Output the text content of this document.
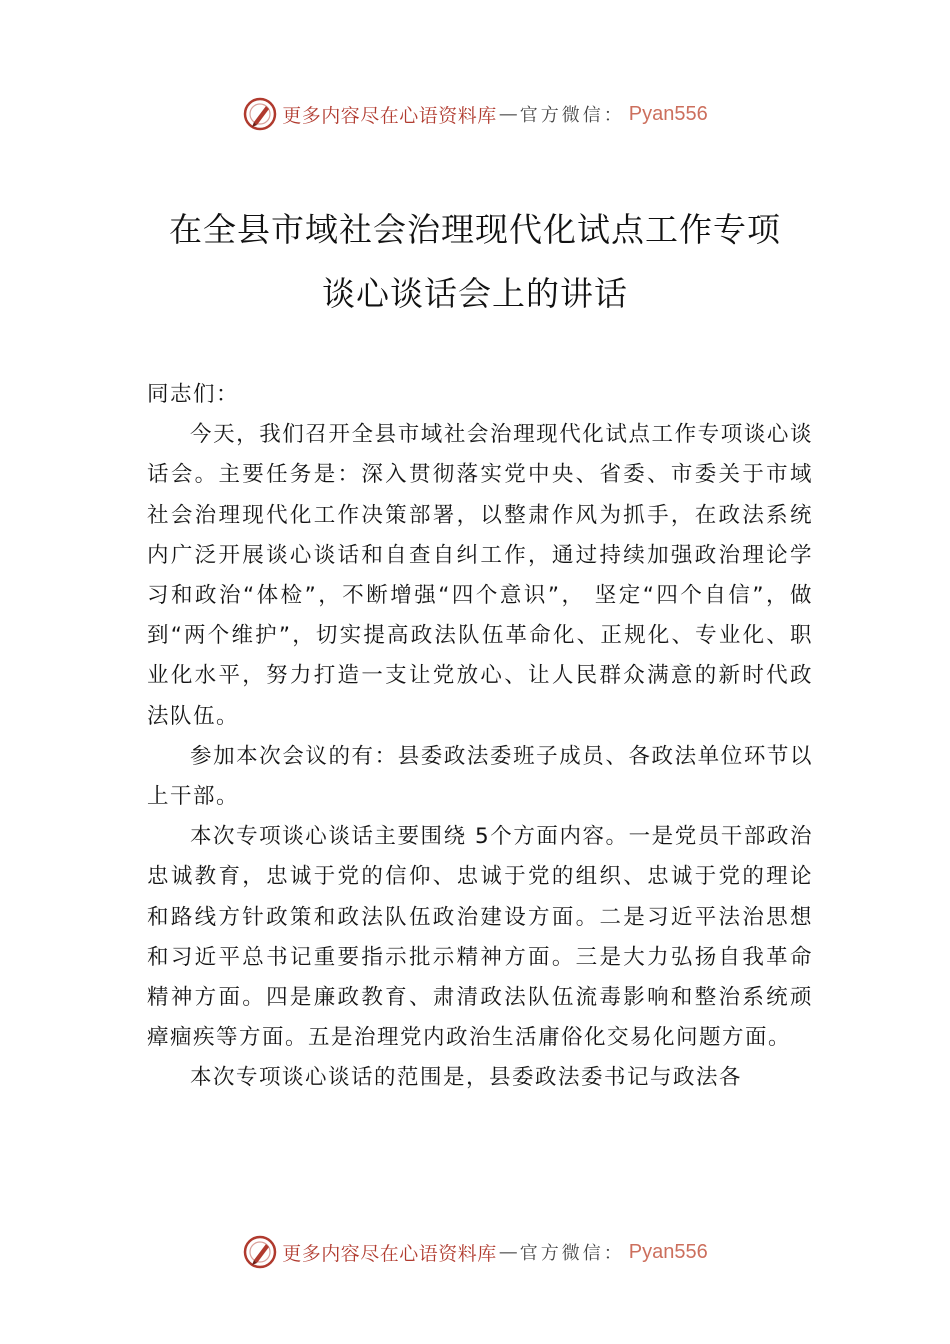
更多内容尽在心语资料库 — 官方微信： Pyan556
在全县市域社会治理现代化试点工作专项
谈心谈话会上的讲话

同志们：

今天，我们召开全县市域社会治理现代化试点工作专项谈心谈话会。主要任务是：深入贯彻落实党中央、省委、市委关于市域社会治理现代化工作决策部署，以整肃作风为抓手，在政法系统内广泛开展谈心谈话和自查自纠工作，通过持续加强政治理论学习和政治“体检”，不断增强“四个意识”， 坚定“四个自信”，做到“两个维护”，切实提高政法队伍革命化、正规化、专业化、职业化水平，努力打造一支让党放心、让人民群众满意的新时代政法队伍。

参加本次会议的有：县委政法委班子成员、各政法单位环节以上干部。

本次专项谈心谈话主要围绕 5个方面内容。一是党员干部政治忠诚教育，忠诚于党的信仰、忠诚于党的组织、忠诚于党的理论和路线方针政策和政法队伍政治建设方面。二是习近平法治思想和习近平总书记重要指示批示精神方面。三是大力弘扬自我革命精神方面。四是廉政教育、肃清政法队伍流毒影响和整治系统顽瘴痼疾等方面。五是治理党内政治生活庸俗化交易化问题方面。

本次专项谈心谈话的范围是，县委政法委书记与政法各

更多内容尽在心语资料库 — 官方微信： Pyan556
